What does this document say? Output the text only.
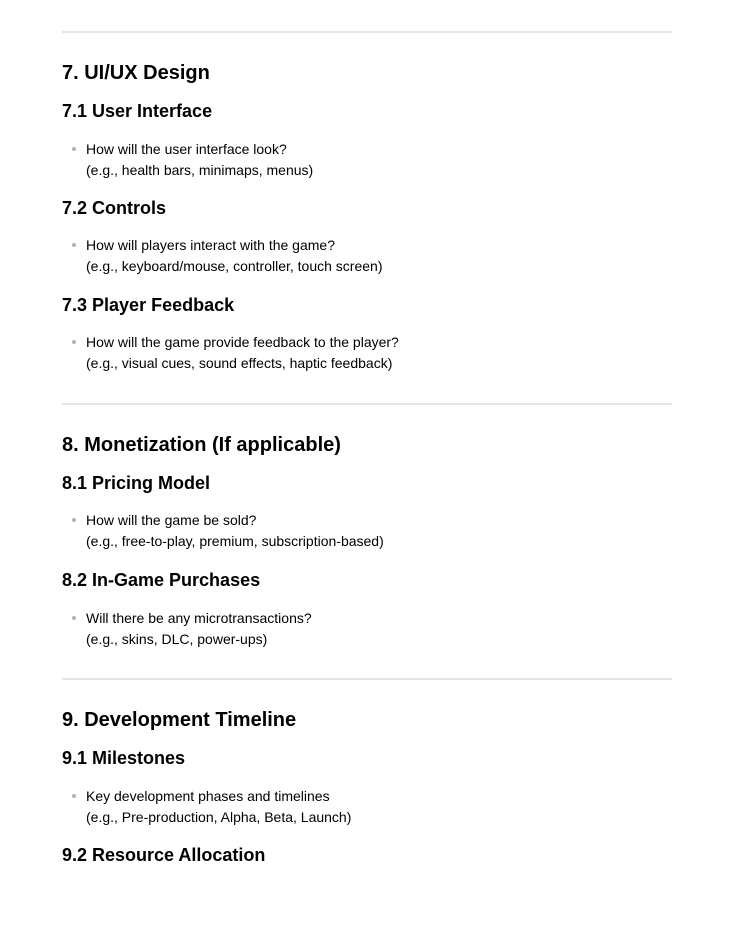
7. UI/UX Design
7.1 User Interface
How will the user interface look?
(e.g., health bars, minimaps, menus)
7.2 Controls
How will players interact with the game?
(e.g., keyboard/mouse, controller, touch screen)
7.3 Player Feedback
How will the game provide feedback to the player?
(e.g., visual cues, sound effects, haptic feedback)
8. Monetization (If applicable)
8.1 Pricing Model
How will the game be sold?
(e.g., free-to-play, premium, subscription-based)
8.2 In-Game Purchases
Will there be any microtransactions?
(e.g., skins, DLC, power-ups)
9. Development Timeline
9.1 Milestones
Key development phases and timelines
(e.g., Pre-production, Alpha, Beta, Launch)
9.2 Resource Allocation
